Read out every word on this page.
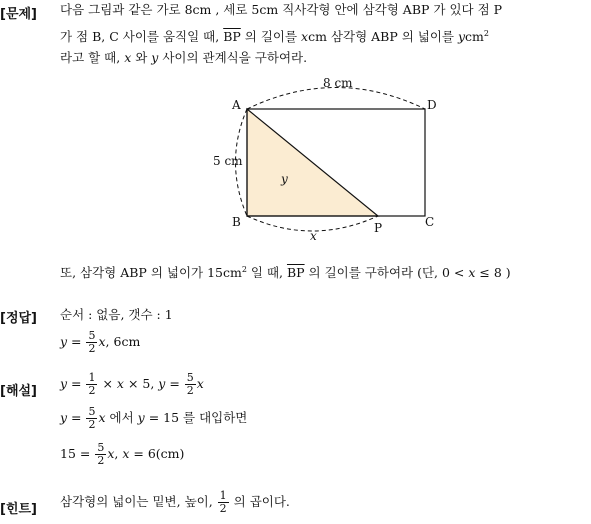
[문제] 다음 그림과 같은 가로 8cm , 세로 5cm 직사각형 안에 삼각형 ABP 가 있다 점 P
가 점 B, C 사이를 움직일 때, $\overline{BP}$ 의 길이를 xcm 삼각형 ABP 의 넓이를 ycm$^2$
라고 할 때, x 와 y 사이의 관계식을 구하여라.
A	D
B	C
P
8 cm
5 cm
y
x
또, 삼각형 ABP 의 넓이가 $15cm^2$ 일 때, $\overline{BP}$ 의 길이를 구하여라 (단, 0 < x ≤ 8 )
[정답] 순서 : 없음, 갯수 : 1
$y = \frac{5}{2} x$, 6cm
[해설]
$y = \frac{1}{2} \times x \times 5$, $y = \frac{5}{2}$ x
$y = \frac{5}{2}$ x 에서 y = 15 를 대입하면
$15 = \frac{5}{2} x$, x = 6(cm)
[힌트]
삼각형의 넓이는 밑변, 높이, $\frac{1}{2}$ 의 곱이다.
